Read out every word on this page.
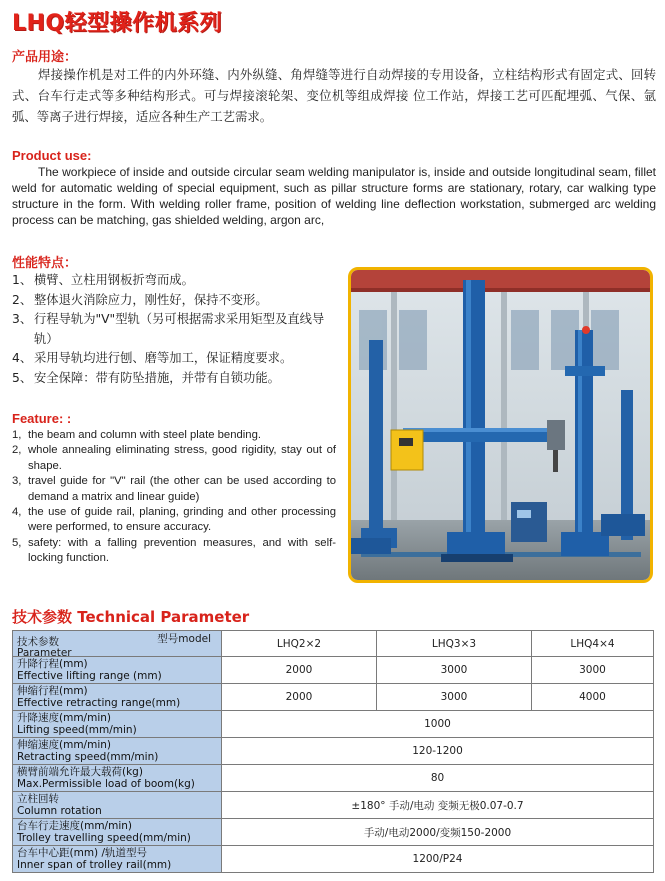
LHQ轻型操作机系列
产品用途：
焊接操作机是对工件的内外环缝、内外纵缝、角焊缝等进行自动焊接的专用设备，立柱结构形式有固定式、回转式、台车行走式等多种结构形式。可与焊接滚轮架、变位机等组成焊接 位工作站，焊接工艺可匹配埋弧、气保、氩弧、等离子进行焊接，适应各种生产工艺需求。
Product use:
The workpiece of inside and outside circular seam welding manipulator is, inside and outside longitudinal seam, fillet weld for automatic welding of special equipment, such as pillar structure forms are stationary, rotary, car walking type structure in the form. With welding roller frame, position of welding line deflection workstation, submerged arc welding process can be matching, gas shielded welding, argon arc,
性能特点：
1、 横臂、立柱用钢板折弯而成。
2、 整体退火消除应力，刚性好，保持不变形。
3、 行程导轨为"V"型轨（另可根据需求采用矩型及直线导轨）
4、 采用导轨均进行刨、磨等加工，保证精度要求。
5、 安全保障：带有防坠措施，并带有自锁功能。
Feature: :
1, the beam and column with steel plate bending.
2, whole annealing eliminating stress, good rigidity, stay out of shape.
3, travel guide for "V" rail (the other can be used according to demand a matrix and linear guide)
4, the use of guide rail, planing, grinding and other processing were performed, to ensure accuracy.
5, safety: with a falling prevention measures, and with self-locking function.
技术参数 Technical Parameter
型号model
技术参数
Parameter	LHQ2×2	LHQ3×3	LHQ4×4
升降行程(mm)
Effective lifting range (mm)	2000	3000	3000
伸缩行程(mm)
Effective retracting range(mm)	2000	3000	4000
升降速度(mm/min)
Lifting speed(mm/min)	1000		
伸缩速度(mm/min)
Retracting speed(mm/min)	120-1200		
横臂前端允许最大载荷(kg)
Max.Permissible load of boom(kg)	80		
立柱回转
Column rotation	±180° 手动/电动 变频无极0.07-0.7		
台车行走速度(mm/min)
Trolley travelling speed(mm/min)	手动/电动2000/变频150-2000		
台车中心距(mm) /轨道型号
Inner span of trolley rail(mm)	1200/P24		
